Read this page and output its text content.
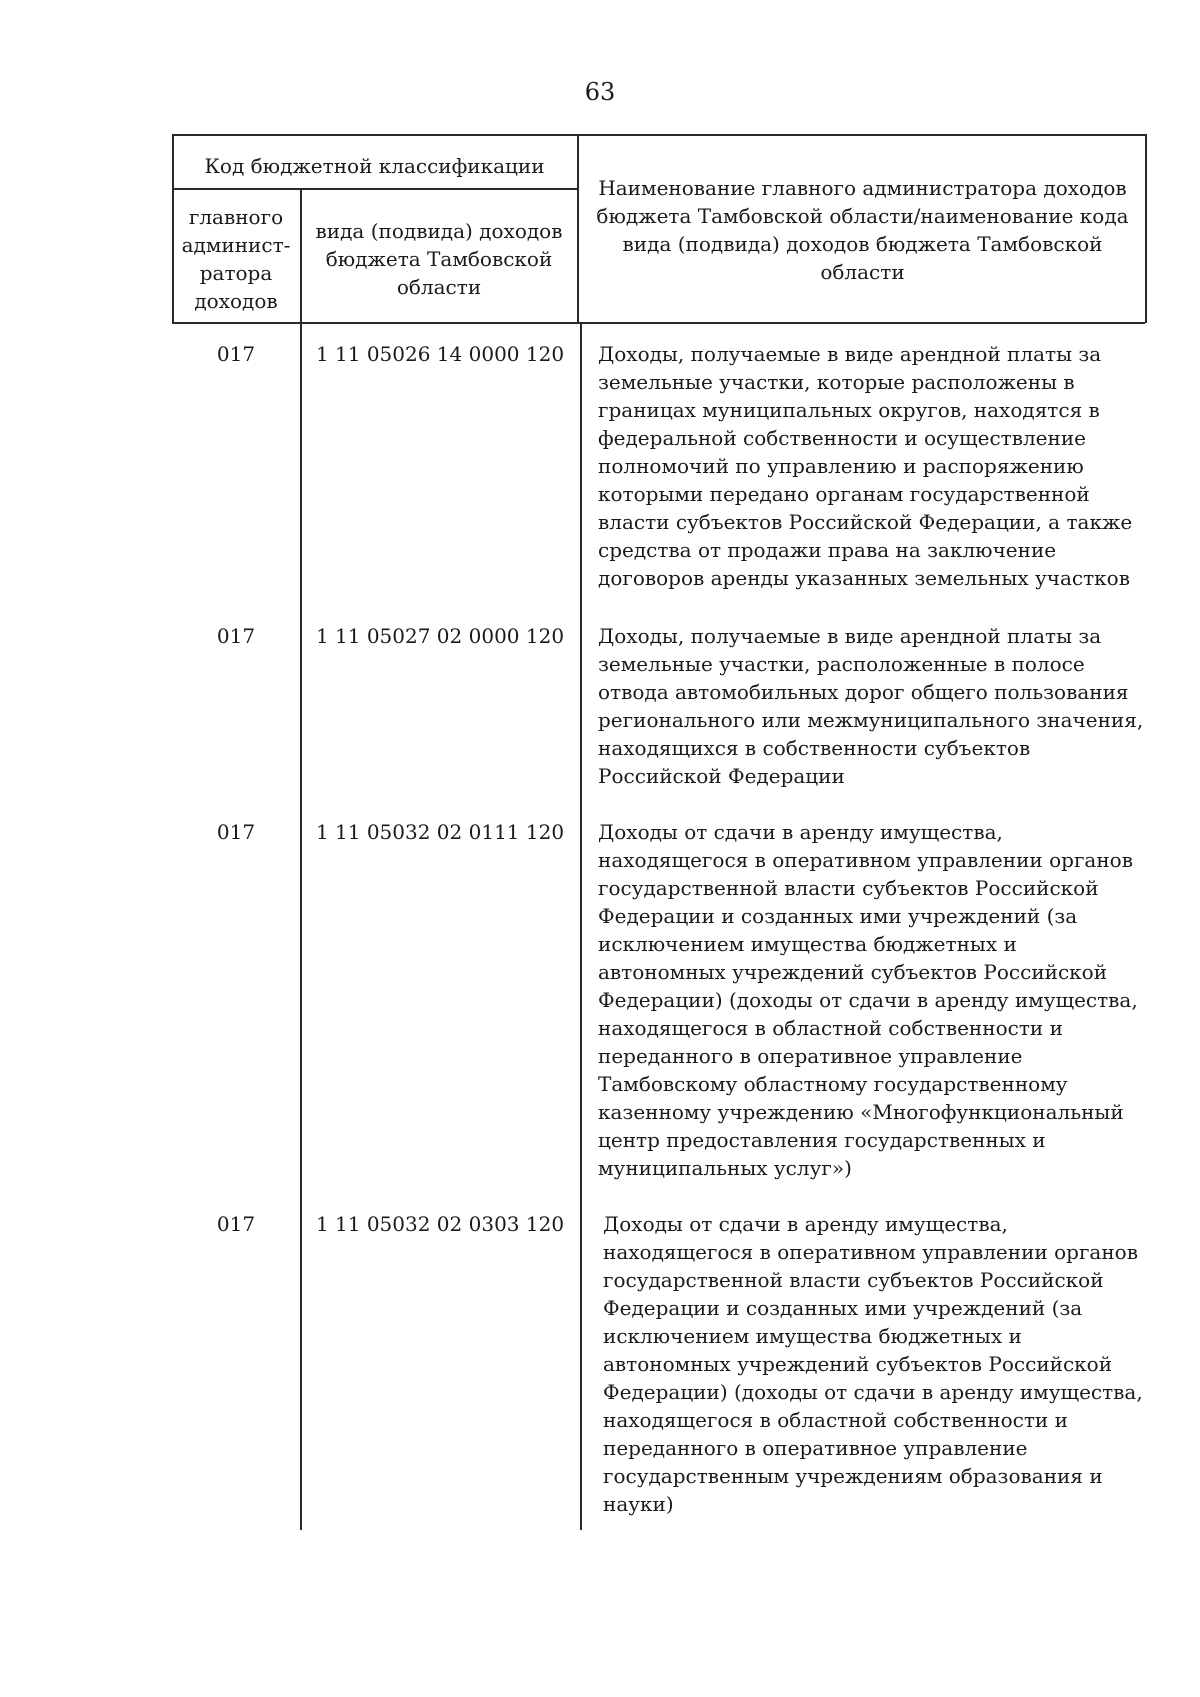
63
Код бюджетной классификации
главного админист-ратора доходов
вида (подвида) доходов бюджета Тамбовской области
Наименование главного администратора доходов бюджета Тамбовской области/наименование кода вида (подвида) доходов бюджета Тамбовской области
017	1 11 05026 14 0000 120	Доходы, получаемые в виде арендной платы за
земельные участки, которые расположены в
границах муниципальных округов, находятся в
федеральной собственности и осуществление
полномочий по управлению и распоряжению
которыми передано органам государственной
власти субъектов Российской Федерации, а также
средства от продажи права на заключение
договоров аренды указанных земельных участков
017	1 11 05027 02 0000 120	Доходы, получаемые в виде арендной платы за
земельные участки, расположенные в полосе
отвода автомобильных дорог общего пользования
регионального или межмуниципального значения,
находящихся в собственности субъектов
Российской Федерации
017	1 11 05032 02 0111 120	Доходы от сдачи в аренду имущества,
находящегося в оперативном управлении органов
государственной власти субъектов Российской
Федерации и созданных ими учреждений (за
исключением имущества бюджетных и
автономных учреждений субъектов Российской
Федерации) (доходы от сдачи в аренду имущества,
находящегося в областной собственности и
переданного в оперативное управление
Тамбовскому областному государственному
казенному учреждению «Многофункциональный
центр предоставления государственных и
муниципальных услуг»)
017	1 11 05032 02 0303 120	Доходы от сдачи в аренду имущества,
находящегося в оперативном управлении органов
государственной власти субъектов Российской
Федерации и созданных ими учреждений (за
исключением имущества бюджетных и
автономных учреждений субъектов Российской
Федерации) (доходы от сдачи в аренду имущества,
находящегося в областной собственности и
переданного в оперативное управление
государственным учреждениям образования и
науки)
